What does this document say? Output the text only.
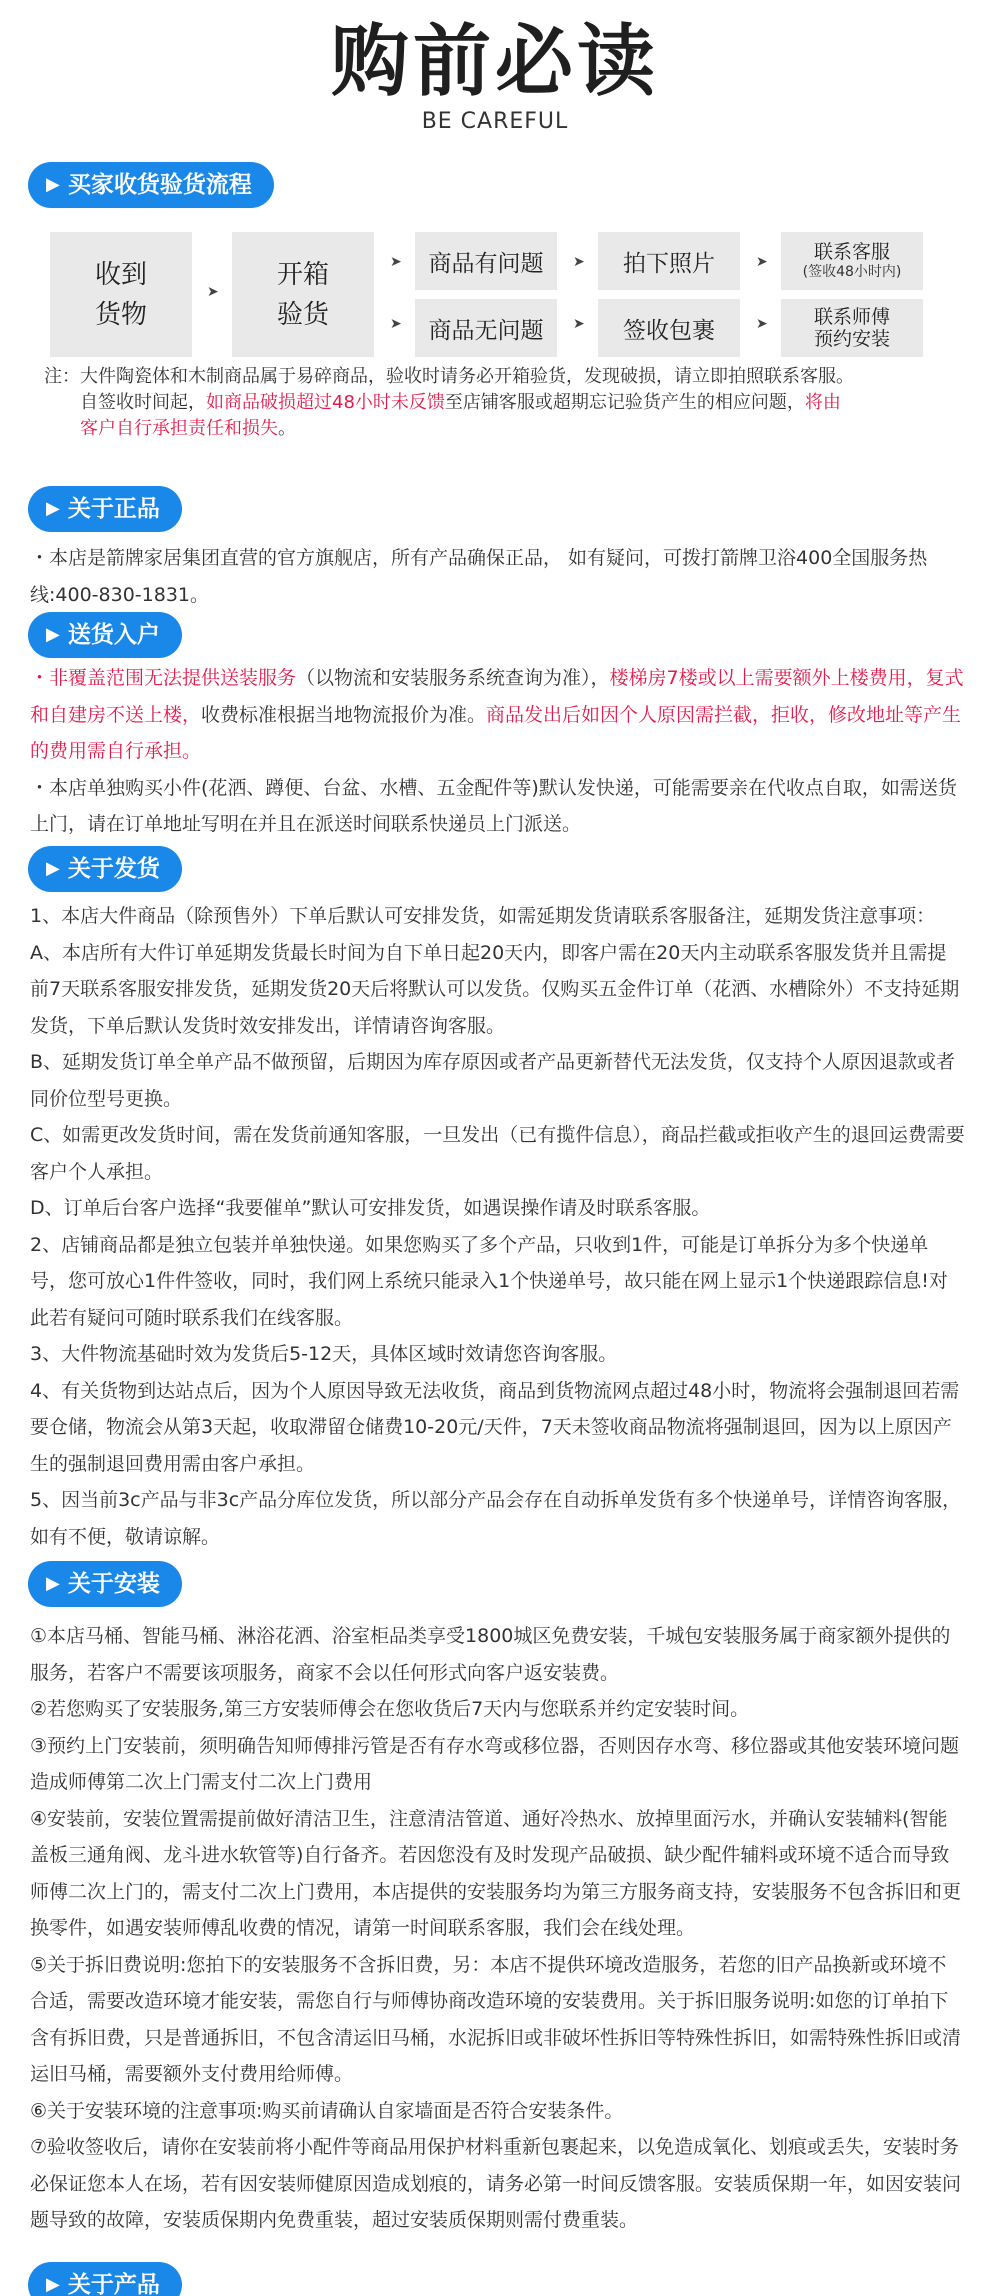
购前必读
BE CAREFUL
▶ 买家收货验货流程
收到
货物
➤
开箱
验货
➤
➤
商品有问题
商品无问题
➤
➤
拍下照片
签收包裹
➤
➤
联系客服
(签收48小时内)
联系师傅
预约安装
注：大件陶瓷体和木制商品属于易碎商品，验收时请务必开箱验货，发现破损，请立即拍照联系客服。
自签收时间起，如商品破损超过48小时未反馈至店铺客服或超期忘记验货产生的相应问题，将由
客户自行承担责任和损失。
▶ 关于正品

・本店是箭牌家居集团直营的官方旗舰店，所有产品确保正品， 如有疑问，可拨打箭牌卫浴400全国服务热线:400-830-1831。

▶ 送货入户

・非覆盖范围无法提供送装服务（以物流和安装服务系统查询为准），楼梯房7楼或以上需要额外上楼费用，复式和自建房不送上楼，收费标准根据当地物流报价为准。商品发出后如因个人原因需拦截，拒收，修改地址等产生的费用需自行承担。

・本店单独购买小件(花洒、蹲便、台盆、水槽、五金配件等)默认发快递，可能需要亲在代收点自取，如需送货上门，请在订单地址写明在并且在派送时间联系快递员上门派送。

▶ 关于发货

1、本店大件商品（除预售外）下单后默认可安排发货，如需延期发货请联系客服备注，延期发货注意事项：

A、本店所有大件订单延期发货最长时间为自下单日起20天内，即客户需在20天内主动联系客服发货并且需提前7天联系客服安排发货，延期发货20天后将默认可以发货。仅购买五金件订单（花洒、水槽除外）不支持延期发货，下单后默认发货时效安排发出，详情请咨询客服。

B、延期发货订单全单产品不做预留，后期因为库存原因或者产品更新替代无法发货，仅支持个人原因退款或者同价位型号更换。

C、如需更改发货时间，需在发货前通知客服，一旦发出（已有揽件信息），商品拦截或拒收产生的退回运费需要客户个人承担。

D、订单后台客户选择“我要催单”默认可安排发货，如遇误操作请及时联系客服。

2、店铺商品都是独立包装并单独快递。如果您购买了多个产品，只收到1件，可能是订单拆分为多个快递单号，您可放心1件件签收，同时，我们网上系统只能录入1个快递单号，故只能在网上显示1个快递跟踪信息!对此若有疑问可随时联系我们在线客服。

3、大件物流基础时效为发货后5-12天，具体区域时效请您咨询客服。

4、有关货物到达站点后，因为个人原因导致无法收货，商品到货物流网点超过48小时，物流将会强制退回若需要仓储，物流会从第3天起，收取滞留仓储费10-20元/天件，7天未签收商品物流将强制退回，因为以上原因产生的强制退回费用需由客户承担。

5、因当前3c产品与非3c产品分库位发货，所以部分产品会存在自动拆单发货有多个快递单号，详情咨询客服，如有不便，敬请谅解。

▶ 关于安装

①本店马桶、智能马桶、淋浴花洒、浴室柜品类享受1800城区免费安装，千城包安装服务属于商家额外提供的服务，若客户不需要该项服务，商家不会以任何形式向客户返安装费。

②若您购买了安装服务,第三方安装师傅会在您收货后7天内与您联系并约定安装时间。

③预约上门安装前，须明确告知师傅排污管是否有存水弯或移位器，否则因存水弯、移位器或其他安装环境问题造成师傅第二次上门需支付二次上门费用

④安装前，安装位置需提前做好清洁卫生，注意清洁管道、通好冷热水、放掉里面污水，并确认安装辅料(智能盖板三通角阀、龙斗进水软管等)自行备齐。若因您没有及时发现产品破损、缺少配件辅料或环境不适合而导致师傅二次上门的，需支付二次上门费用，本店提供的安装服务均为第三方服务商支持，安装服务不包含拆旧和更换零件，如遇安装师傅乱收费的情况，请第一时间联系客服，我们会在线处理。

⑤关于拆旧费说明:您拍下的安装服务不含拆旧费，另：本店不提供环境改造服务，若您的旧产品换新或环境不合适，需要改造环境才能安装，需您自行与师傅协商改造环境的安装费用。关于拆旧服务说明:如您的订单拍下含有拆旧费，只是普通拆旧，不包含清运旧马桶，水泥拆旧或非破坏性拆旧等特殊性拆旧，如需特殊性拆旧或清运旧马桶，需要额外支付费用给师傅。

⑥关于安装环境的注意事项:购买前请确认自家墙面是否符合安装条件。

⑦验收签收后，请你在安装前将小配件等商品用保护材料重新包裹起来，以免造成氧化、划痕或丢失，安装时务必保证您本人在场，若有因安装师健原因造成划痕的，请务必第一时间反馈客服。安装质保期一年，如因安装问题导致的故障，安装质保期内免费重装，超过安装质保期则需付费重装。

▶ 关于产品
